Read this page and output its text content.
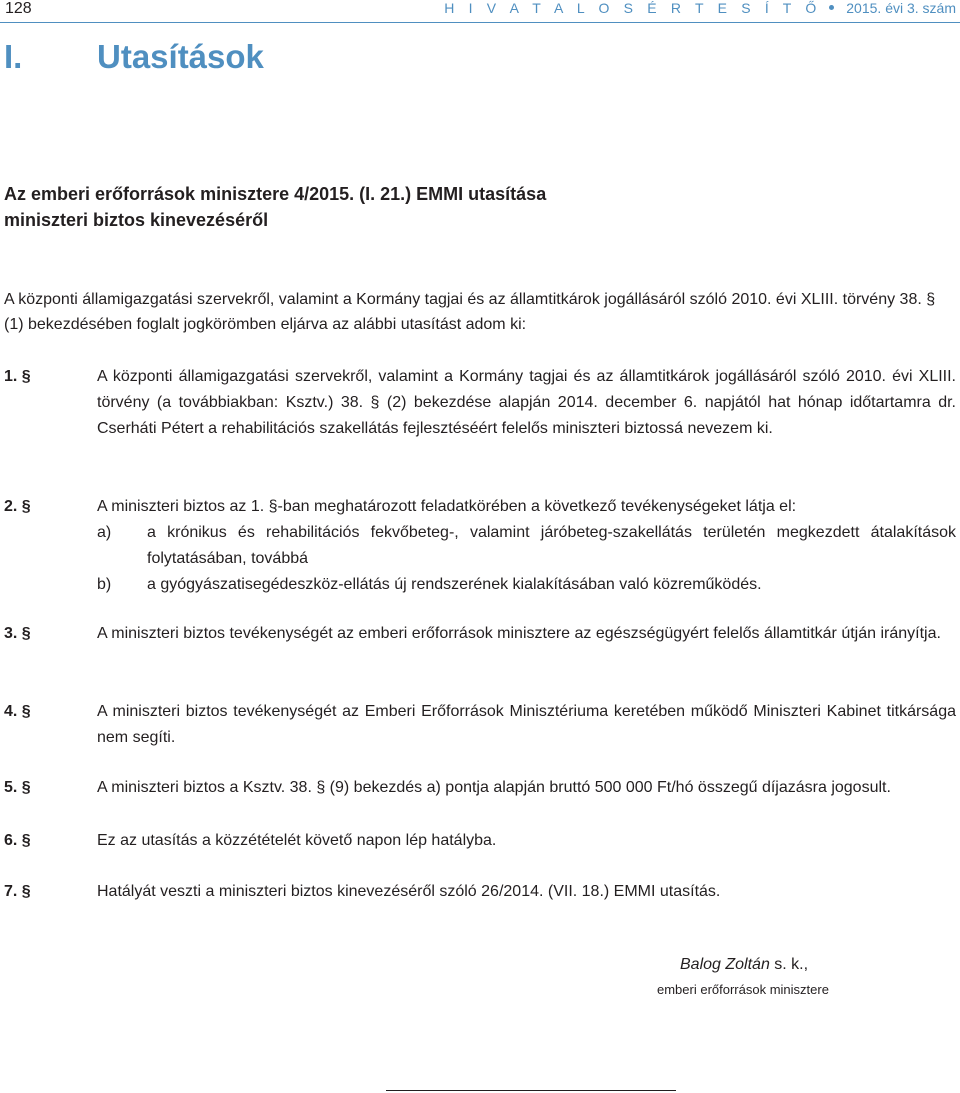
128	H I V A T A L O S É R T E S Í T Ő 2015. évi 3. szám
I. Utasítások
Az emberi erőforrások minisztere 4/2015. (I. 21.) EMMI utasítása
miniszteri biztos kinevezéséről
A központi államigazgatási szervekről, valamint a Kormány tagjai és az államtitkárok jogállásáról szóló 2010. évi XLIII. törvény 38. § (1) bekezdésében foglalt jogkörömben eljárva az alábbi utasítást adom ki:
1. §	A központi államigazgatási szervekről, valamint a Kormány tagjai és az államtitkárok jogállásáról szóló 2010. évi XLIII. törvény (a továbbiakban: Ksztv.) 38. § (2) bekezdése alapján 2014. december 6. napjától hat hónap időtartamra dr. Cserháti Pétert a rehabilitációs szakellátás fejlesztéséért felelős miniszteri biztossá nevezem ki.
2. §	A miniszteri biztos az 1. §-ban meghatározott feladatkörében a következő tevékenységeket látja el:
a) a krónikus és rehabilitációs fekvőbeteg-, valamint járóbeteg-szakellátás területén megkezdett átalakítások folytatásában, továbbá
b) a gyógyászatisegédeszköz-ellátás új rendszerének kialakításában való közreműködés.
3. §	A miniszteri biztos tevékenységét az emberi erőforrások minisztere az egészségügyért felelős államtitkár útján irányítja.
4. §	A miniszteri biztos tevékenységét az Emberi Erőforrások Minisztériuma keretében működő Miniszteri Kabinet titkársága nem segíti.
5. §	A miniszteri biztos a Ksztv. 38. § (9) bekezdés a) pontja alapján bruttó 500 000 Ft/hó összegű díjazásra jogosult.
6. §	Ez az utasítás a közzétételét követő napon lép hatályba.
7. §	Hatályát veszti a miniszteri biztos kinevezéséről szóló 26/2014. (VII. 18.) EMMI utasítás.
Balog Zoltán s. k.,
emberi erőforrások minisztere
